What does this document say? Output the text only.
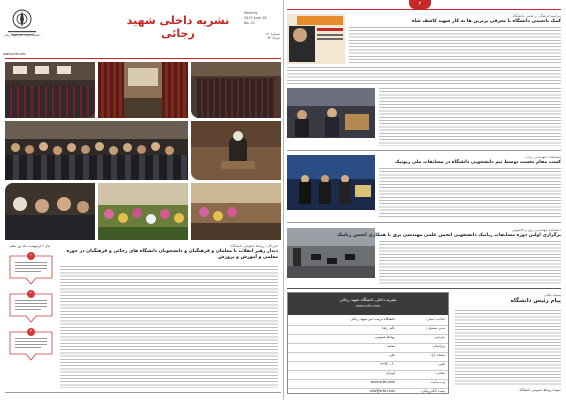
دانشگاه تربیت دبیر شهید رجائی
www.srttu.edu
Monthly
2015 June 18
No. 21
شماره ۲۱
خرداد ۹۴
نشریه داخلی شهید رجائی
خبرنگار: روابط عمومی دانشگاه
دیدار رهبر انقلاب با معلمان و فرهنگیان و دانشجویان دانشگاه های رجائی و فرهنگیان در حوزه معلمی و آموزش و پرورش
بنای ۴ اردیبهشت ماه روز معلم
۱
۲
۳
۲
مراسم فرهنگی و علمی دانشگاه
کمک نانعیمی دانشگاه با معرفی برترین ها به کار شهید کاشف شاه
مسابقات مهندسی ربات
کسب مقام نخست توسط تیم دانشجویی دانشگاه در مسابقات ملی ربوتیک
دانشکده مهندسی برق و کامپیوتر
برگزاری اولین دوره مسابقات رباتیک دانشجویی انجمن علمی مهندسی برق با همکاری انجمن رباتیک
بسمه تعالی
پیام رئیس دانشگاه
سپیده روابط عمومی دانشگاه
نشریه داخلی دانشگاه شهید رجائی
www.srttu.edu
صاحب امتیاز:
دانشگاه تربیت دبیر شهید رجائی
مدیر مسئول:
دکتر رضا
سردبیر:
روابط عمومی
ویراستار:
محمد
صفحه آرا:
علی
تلفن:
۲۲۹۷۰۰۶۰
نشانی:
لویزان
وب سایت:
www.srttu.edu
پست الکترونیکی:
info@srttu.edu
